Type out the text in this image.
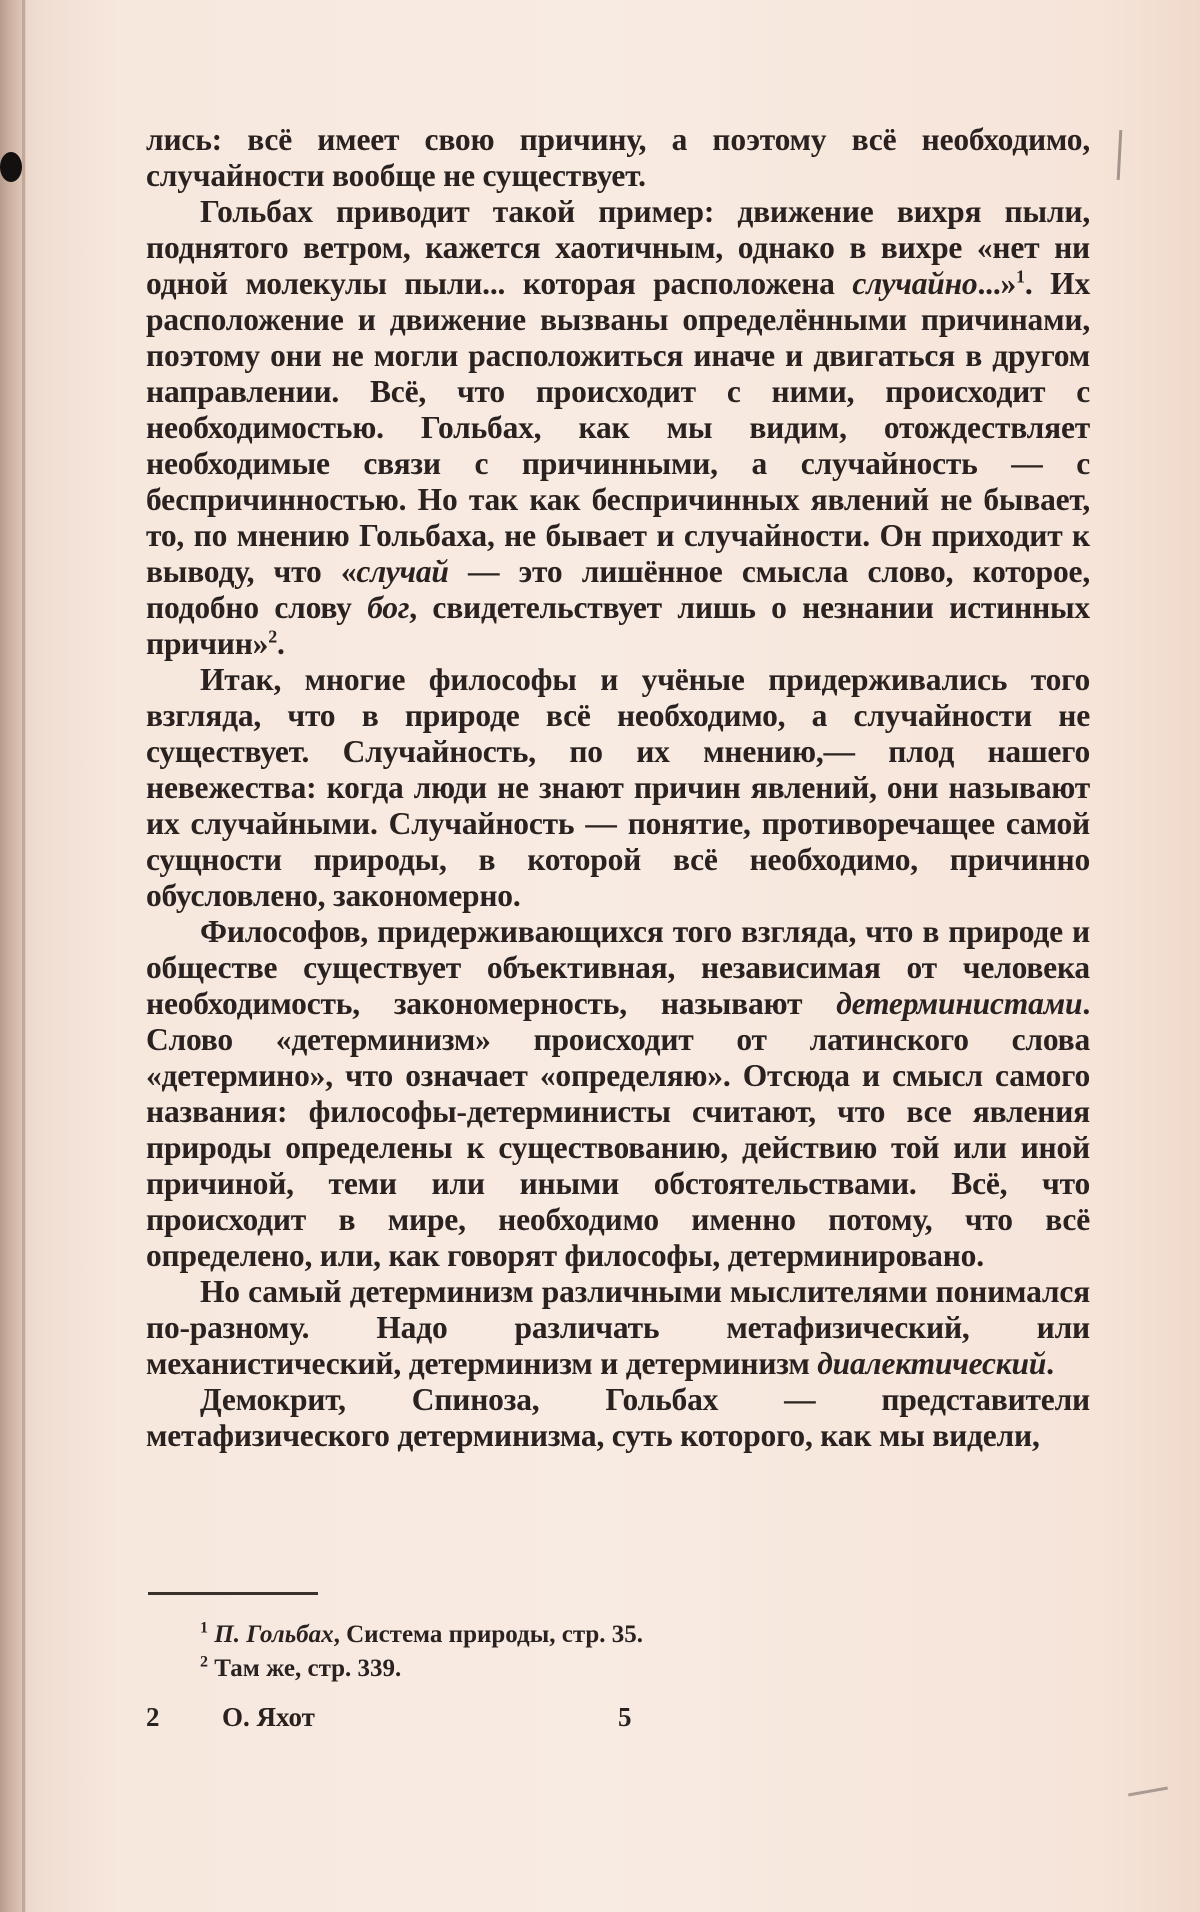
лись: всё имеет свою причину, а поэтому всё необходимо, случайности вообще не существует.

Гольбах приводит такой пример: движение вихря пыли, поднятого ветром, кажется хаотичным, однако в вихре «нет ни одной молекулы пыли... которая расположена случайно...»$^1$. Их расположение и движение вызваны определёнными причинами, поэтому они не могли расположиться иначе и двигаться в другом направлении. Всё, что происходит с ними, происходит с необходимостью. Гольбах, как мы видим, отождествляет необходимые связи с причинными, а случайность — с беспричинностью. Но так как беспричинных явлений не бывает, то, по мнению Гольбаха, не бывает и случайности. Он приходит к выводу, что «случай — это лишённое смысла слово, которое, подобно слову бог, свидетельствует лишь о незнании истинных причин»$^2$.

Итак, многие философы и учёные придерживались того взгляда, что в природе всё необходимо, а случайности не существует. Случайность, по их мнению,— плод нашего невежества: когда люди не знают причин явлений, они называют их случайными. Случайность — понятие, противоречащее самой сущности природы, в которой всё необходимо, причинно обусловлено, закономерно.

Философов, придерживающихся того взгляда, что в природе и обществе существует объективная, независимая от человека необходимость, закономерность, называют детерминистами. Слово «детерминизм» происходит от латинского слова «детермино», что означает «определяю». Отсюда и смысл самого названия: философы-детерминисты считают, что все явления природы определены к существованию, действию той или иной причиной, теми или иными обстоятельствами. Всё, что происходит в мире, необходимо именно потому, что всё определено, или, как говорят философы, детерминировано.

Но самый детерминизм различными мыслителями понимался по-разному. Надо различать метафизический, или механистический, детерминизм и детерминизм диалектический.

Демокрит, Спиноза, Гольбах — представители метафизического детерминизма, суть которого, как мы видели,

$^1$ П. Гольбах, Система природы, стр. 35.
$^2$ Там же, стр. 339.
2 О. Яхот	5
